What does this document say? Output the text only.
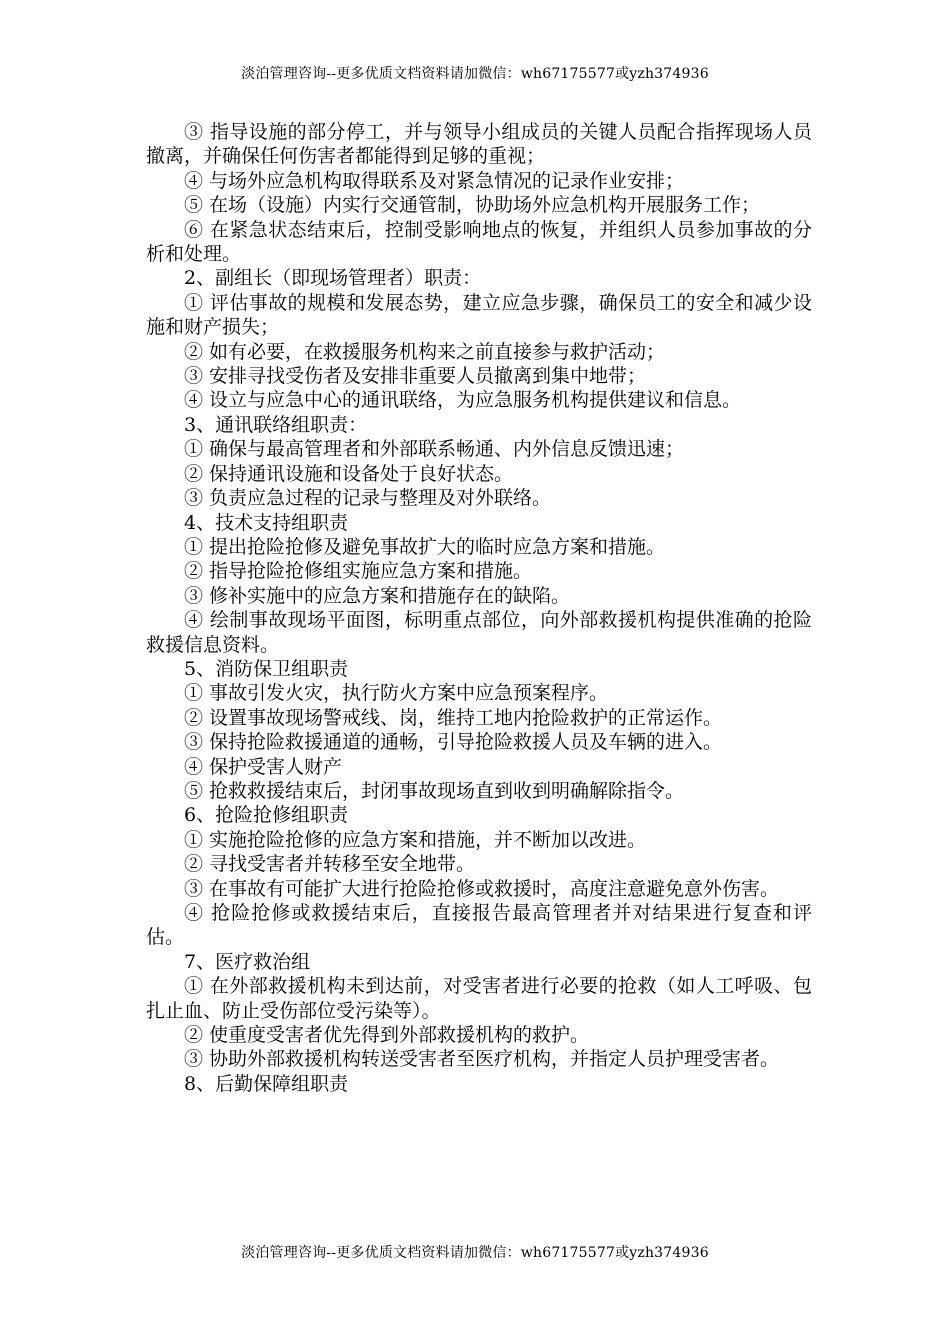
淡泊管理咨询--更多优质文档资料请加微信：wh67175577或yzh374936

③ 指导设施的部分停工，并与领导小组成员的关键人员配合指挥现场人员撤离，并确保任何伤害者都能得到足够的重视；

④ 与场外应急机构取得联系及对紧急情况的记录作业安排；

⑤ 在场（设施）内实行交通管制，协助场外应急机构开展服务工作；

⑥ 在紧急状态结束后，控制受影响地点的恢复，并组织人员参加事故的分析和处理。

2、副组长（即现场管理者）职责：

① 评估事故的规模和发展态势，建立应急步骤，确保员工的安全和减少设施和财产损失；

② 如有必要，在救援服务机构来之前直接参与救护活动；

③ 安排寻找受伤者及安排非重要人员撤离到集中地带；

④ 设立与应急中心的通讯联络，为应急服务机构提供建议和信息。

3、通讯联络组职责：

① 确保与最高管理者和外部联系畅通、内外信息反馈迅速；

② 保持通讯设施和设备处于良好状态。

③ 负责应急过程的记录与整理及对外联络。

4、技术支持组职责

① 提出抢险抢修及避免事故扩大的临时应急方案和措施。

② 指导抢险抢修组实施应急方案和措施。

③ 修补实施中的应急方案和措施存在的缺陷。

④ 绘制事故现场平面图，标明重点部位，向外部救援机构提供准确的抢险救援信息资料。

5、消防保卫组职责

① 事故引发火灾，执行防火方案中应急预案程序。

② 设置事故现场警戒线、岗，维持工地内抢险救护的正常运作。

③ 保持抢险救援通道的通畅，引导抢险救援人员及车辆的进入。

④ 保护受害人财产

⑤ 抢救救援结束后，封闭事故现场直到收到明确解除指令。

6、抢险抢修组职责

① 实施抢险抢修的应急方案和措施，并不断加以改进。

② 寻找受害者并转移至安全地带。

③ 在事故有可能扩大进行抢险抢修或救援时，高度注意避免意外伤害。

④ 抢险抢修或救援结束后，直接报告最高管理者并对结果进行复查和评估。

7、医疗救治组

① 在外部救援机构未到达前，对受害者进行必要的抢救（如人工呼吸、包扎止血、防止受伤部位受污染等）。

② 使重度受害者优先得到外部救援机构的救护。

③ 协助外部救援机构转送受害者至医疗机构，并指定人员护理受害者。

8、后勤保障组职责

淡泊管理咨询--更多优质文档资料请加微信：wh67175577或yzh374936
